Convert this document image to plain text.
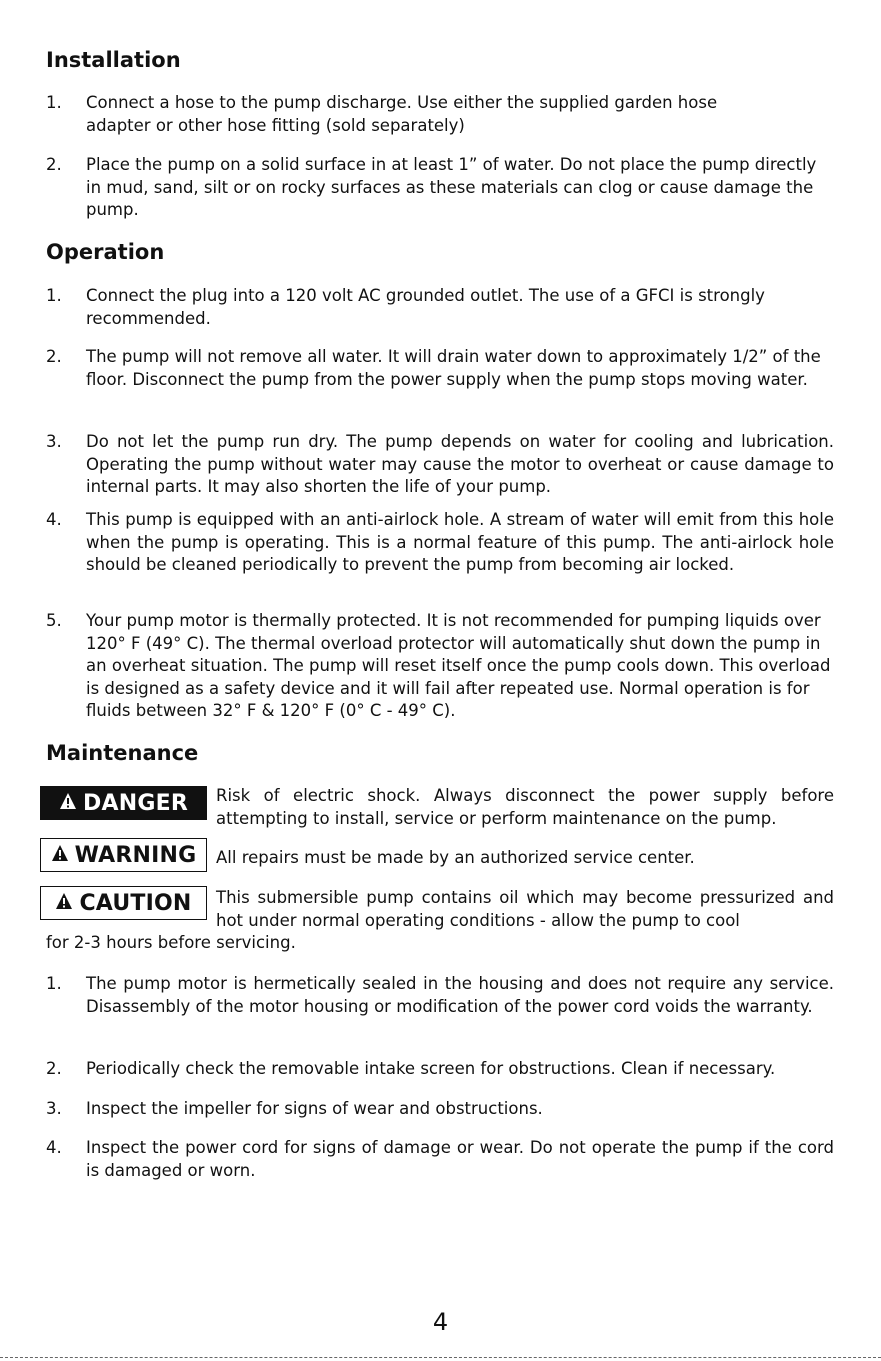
Installation
1.	Connect a hose to the pump discharge. Use either the supplied garden hose adapter or other hose fitting (sold separately)
2.	Place the pump on a solid surface in at least 1” of water. Do not place the pump directly in mud, sand, silt or on rocky surfaces as these materials can clog or cause damage the pump.
Operation
1.	Connect the plug into a 120 volt AC grounded outlet. The use of a GFCI is strongly recommended.
2.	The pump will not remove all water. It will drain water down to approximately 1/2” of the floor. Disconnect the pump from the power supply when the pump stops moving water.
3.	Do not let the pump run dry. The pump depends on water for cooling and lubrication. Operating the pump without water may cause the motor to overheat or cause damage to internal parts. It may also shorten the life of your pump.
4.	This pump is equipped with an anti-airlock hole. A stream of water will emit from this hole when the pump is operating. This is a normal feature of this pump. The anti-airlock hole should be cleaned periodically to prevent the pump from becoming air locked.
5.	Your pump motor is thermally protected. It is not recommended for pumping liquids over 120° F (49° C). The thermal overload protector will automatically shut down the pump in an overheat situation. The pump will reset itself once the pump cools down. This overload is designed as a safety device and it will fail after repeated use. Normal operation is for fluids between 32° F & 120° F (0° C - 49° C).
Maintenance
DANGER Risk of electric shock. Always disconnect the power supply before attempting to install, service or perform maintenance on the pump.
WARNING All repairs must be made by an authorized service center.
CAUTION This submersible pump contains oil which may become pressurized and hot under normal operating conditions - allow the pump to cool
for 2-3 hours before servicing.
1.	The pump motor is hermetically sealed in the housing and does not require any service. Disassembly of the motor housing or modification of the power cord voids the warranty.
2.	Periodically check the removable intake screen for obstructions. Clean if necessary.
3.	Inspect the impeller for signs of wear and obstructions.
4.	Inspect the power cord for signs of damage or wear. Do not operate the pump if the cord is damaged or worn.
4
